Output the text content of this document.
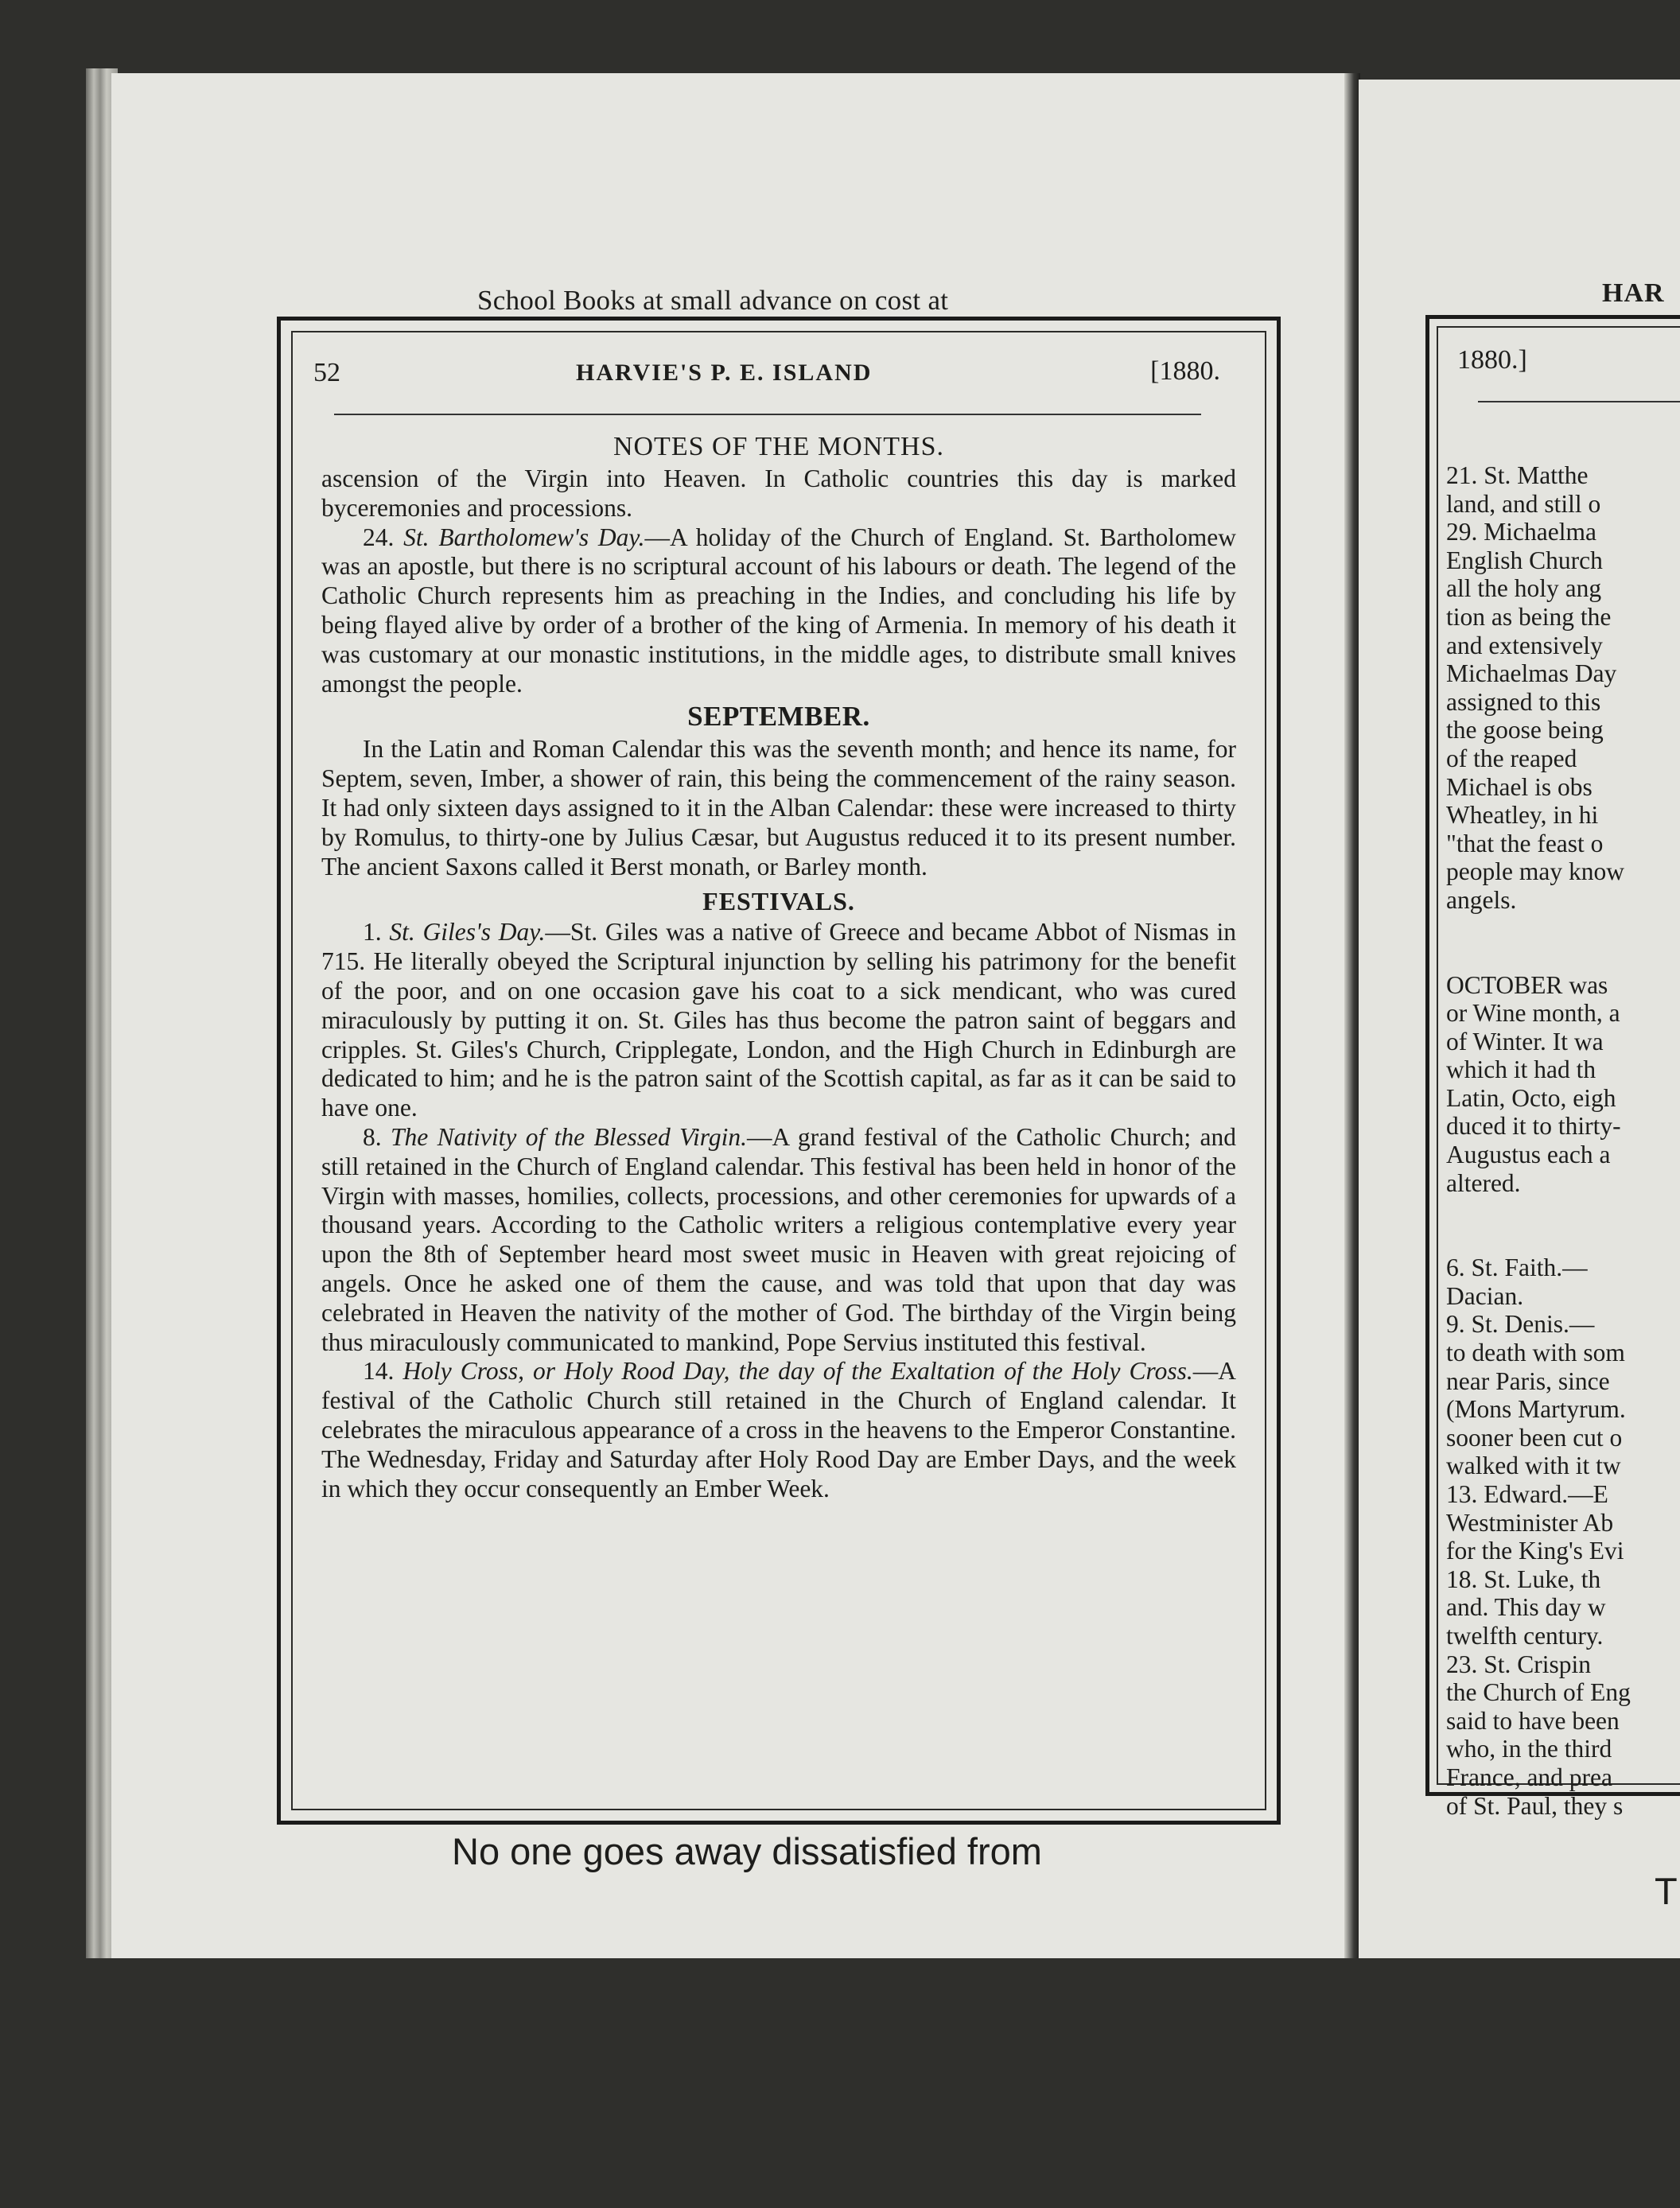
School Books at small advance on cost at
52	HARVIE'S P. E. ISLAND	[1880.
NOTES OF THE MONTHS.

ascension of the Virgin into Heaven. In Catholic countries this day is marked byceremonies and processions.

24. St. Bartholomew's Day.—A holiday of the Church of England. St. Bartholomew was an apostle, but there is no scriptural account of his labours or death. The legend of the Catholic Church represents him as preaching in the Indies, and concluding his life by being flayed alive by order of a brother of the king of Armenia. In memory of his death it was customary at our monastic institutions, in the middle ages, to distribute small knives amongst the people.

SEPTEMBER.

In the Latin and Roman Calendar this was the seventh month; and hence its name, for Septem, seven, Imber, a shower of rain, this being the commencement of the rainy season. It had only sixteen days assigned to it in the Alban Calendar: these were increased to thirty by Romulus, to thirty-one by Julius Cæsar, but Augustus reduced it to its present number. The ancient Saxons called it Berst monath, or Barley month.

FESTIVALS.

1. St. Giles's Day.—St. Giles was a native of Greece and became Abbot of Nismas in 715. He literally obeyed the Scriptural injunction by selling his patrimony for the benefit of the poor, and on one occasion gave his coat to a sick mendicant, who was cured miraculously by putting it on. St. Giles has thus become the patron saint of beggars and cripples. St. Giles's Church, Cripplegate, London, and the High Church in Edinburgh are dedicated to him; and he is the patron saint of the Scottish capital, as far as it can be said to have one.

8. The Nativity of the Blessed Virgin.—A grand festival of the Catholic Church; and still retained in the Church of England calendar. This festival has been held in honor of the Virgin with masses, homilies, collects, processions, and other ceremonies for upwards of a thousand years. According to the Catholic writers a religious contemplative every year upon the 8th of September heard most sweet music in Heaven with great rejoicing of angels. Once he asked one of them the cause, and was told that upon that day was celebrated in Heaven the nativity of the mother of God. The birthday of the Virgin being thus miraculously communicated to mankind, Pope Servius instituted this festival.

14. Holy Cross, or Holy Rood Day, the day of the Exaltation of the Holy Cross.—A festival of the Catholic Church still retained in the Church of England calendar. It celebrates the miraculous appearance of a cross in the heavens to the Emperor Constantine. The Wednesday, Friday and Saturday after Holy Rood Day are Ember Days, and the week in which they occur consequently an Ember Week.

No one goes away dissatisfied from
HAR
1880.]
21. St. Matthe
land, and still o
29. Michaelma
English Church
all the holy ang
tion as being the
and extensively
Michaelmas Day
assigned to this
the goose being
of the reaped
Michael is obs
Wheatley, in hi
"that the feast o
people may know
angels.
OCTOBER was
or Wine month, a
of Winter. It wa
which it had th
Latin, Octo, eigh
duced it to thirty-
Augustus each a
altered.
6. St. Faith.—
Dacian.
9. St. Denis.—
to death with som
near Paris, since
(Mons Martyrum.
sooner been cut o
walked with it tw
13. Edward.—E
Westminister Ab
for the King's Evi
18. St. Luke, th
and. This day w
twelfth century.
23. St. Crispin
the Church of Eng
said to have been
who, in the third
France, and prea
of St. Paul, they s
T
